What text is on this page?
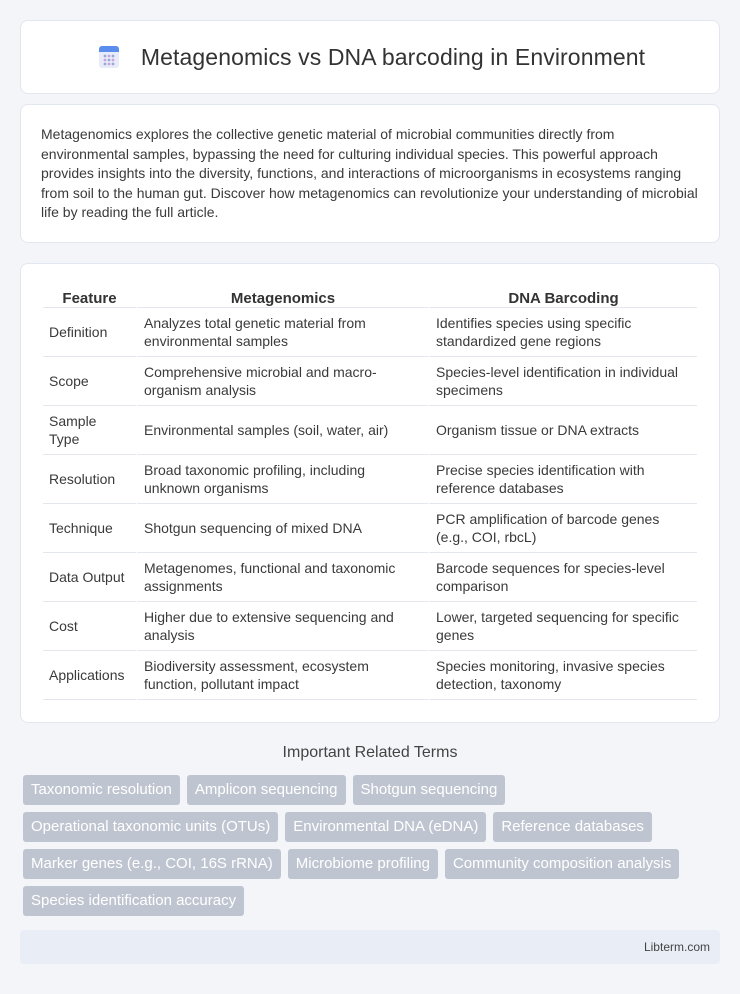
Metagenomics vs DNA barcoding in Environment

Metagenomics explores the collective genetic material of microbial communities directly from environmental samples, bypassing the need for culturing individual species. This powerful approach provides insights into the diversity, functions, and interactions of microorganisms in ecosystems ranging from soil to the human gut. Discover how metagenomics can revolutionize your understanding of microbial life by reading the full article.

Feature	Metagenomics	DNA Barcoding
Definition	Analyzes total genetic material from environmental samples	Identifies species using specific standardized gene regions
Scope	Comprehensive microbial and macro-organism analysis	Species-level identification in individual specimens
Sample Type	Environmental samples (soil, water, air)	Organism tissue or DNA extracts
Resolution	Broad taxonomic profiling, including unknown organisms	Precise species identification with reference databases
Technique	Shotgun sequencing of mixed DNA	PCR amplification of barcode genes (e.g., COI, rbcL)
Data Output	Metagenomes, functional and taxonomic assignments	Barcode sequences for species-level comparison
Cost	Higher due to extensive sequencing and analysis	Lower, targeted sequencing for specific genes
Applications	Biodiversity assessment, ecosystem function, pollutant impact	Species monitoring, invasive species detection, taxonomy
Important Related Terms
Taxonomic resolution	Amplicon sequencing	Shotgun sequencing
Operational taxonomic units (OTUs)	Environmental DNA (eDNA)	Reference databases
Marker genes (e.g., COI, 16S rRNA)	Microbiome profiling	Community composition analysis
Species identification accuracy
Libterm.com
